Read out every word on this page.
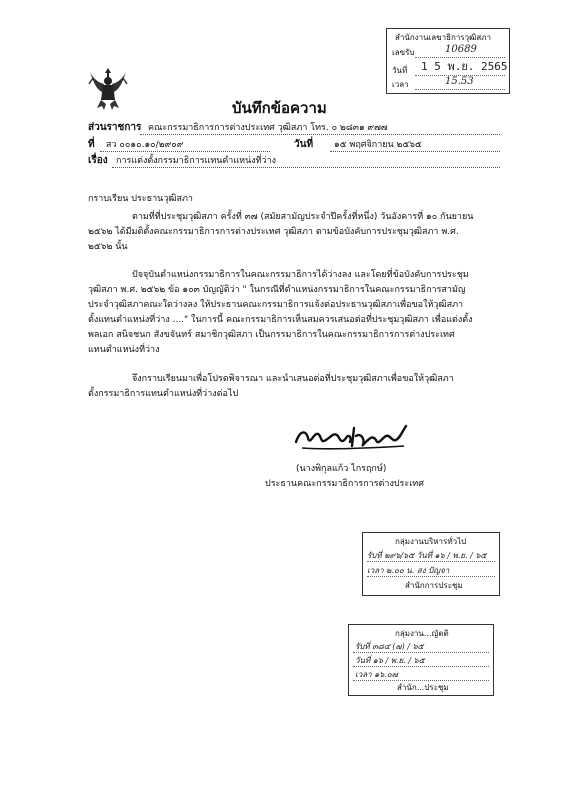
สำนักงานเลขาธิการวุฒิสภา
เลขรับ	10689
วันที่ 1 5 พ.ย. 2565
เวลา	15.53
บันทึกข้อความ
ส่วนราชการ คณะกรรมาธิการการต่างประเทศ วุฒิสภา โทร. ๐ ๒๘๓๑ ๙๗๗
ที่ สว ๐๐๑๐.๑๐/๒๙๐๙	วันที่ ๑๕ พฤศจิกายน ๒๕๖๕
เรื่อง การแต่งตั้งกรรมาธิการแทนตำแหน่งที่ว่าง
กราบเรียน ประธานวุฒิสภา
ตามที่ที่ประชุมวุฒิสภา ครั้งที่ ๓๗ (สมัยสามัญประจำปีครั้งที่หนึ่ง) วันอังคารที่ ๑๐ กันยายน
๒๕๖๒ ได้มีมติตั้งคณะกรรมาธิการการต่างประเทศ วุฒิสภา ตามข้อบังคับการประชุมวุฒิสภา พ.ศ.
๒๕๖๒ นั้น
ปัจจุบันตำแหน่งกรรมาธิการในคณะกรรมาธิการได้ว่างลง และโดยที่ข้อบังคับการประชุม
วุฒิสภา พ.ศ. ๒๕๖๒ ข้อ ๑๐๓ บัญญัติว่า " ในกรณีที่ตำแหน่งกรรมาธิการในคณะกรรมาธิการสามัญ
ประจำวุฒิสภาคณะใดว่างลง ให้ประธานคณะกรรมาธิการแจ้งต่อประธานวุฒิสภาเพื่อขอให้วุฒิสภา
ตั้งแทนตำแหน่งที่ว่าง ...." ในการนี้ คณะกรรมาธิการเห็นสมควรเสนอต่อที่ประชุมวุฒิสภา เพื่อแต่งตั้ง
พลเอก สนิจชนก สังขจันทร์ สมาชิกวุฒิสภา เป็นกรรมาธิการในคณะกรรมาธิการการต่างประเทศ
แทนตำแหน่งที่ว่าง
จึงกราบเรียนมาเพื่อโปรดพิจารณา และนำเสนอต่อที่ประชุมวุฒิสภาเพื่อขอให้วุฒิสภา
ตั้งกรรมาธิการแทนตำแหน่งที่ว่างต่อไป
(นางพิกุลแก้ว ไกรฤกษ์)
ประธานคณะกรรมาธิการการต่างประเทศ
กลุ่มงานบริหารทั่วไป
รับที่ ๒๙๖/๖๕ วันที่ ๑๖ / พ.ย. / ๖๕
เวลา ๒.๐๐ น. สง ปัญจา
สำนักการประชุม
กลุ่มงาน...ญัตติ
รับที่ ๓๘๔ (๗) / ๖๕
วันที่ ๑๖ / พ.ย. / ๖๕
เวลา ๑๖.๐๗
สำนัก...ประชุม
